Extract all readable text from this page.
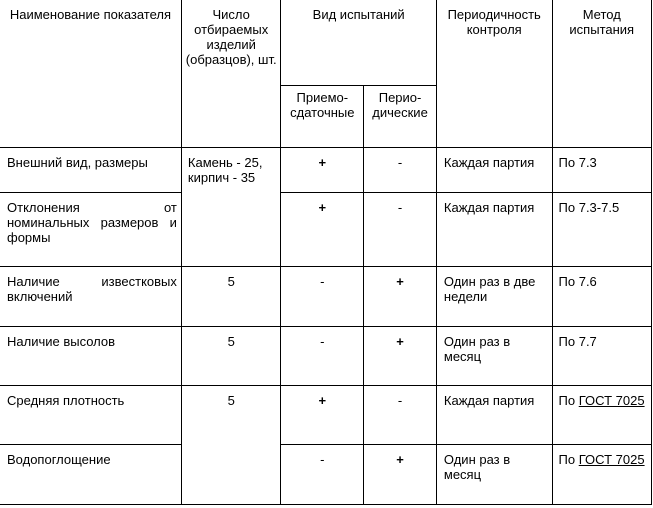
Наименование показателя	Число отбираемых изделий (образцов), шт.	Вид испытаний		Периодичность контроля	Метод испытания
		Приемо- сдаточные	Перио- дические		
Внешний вид, размеры	Камень - 25, кирпич - 35	+	-	Каждая партия	По 7.3
Отклонения от номинальных размеров и формы		+	-	Каждая партия	По 7.3-7.5
Наличие известковых включений	5	-	+	Один раз в две недели	По 7.6
Наличие высолов	5	-	+	Один раз в месяц	По 7.7
Средняя плотность	5	+	-	Каждая партия	По ГОСТ 7025
Водопоглощение		-	+	Один раз в месяц	По ГОСТ 7025
